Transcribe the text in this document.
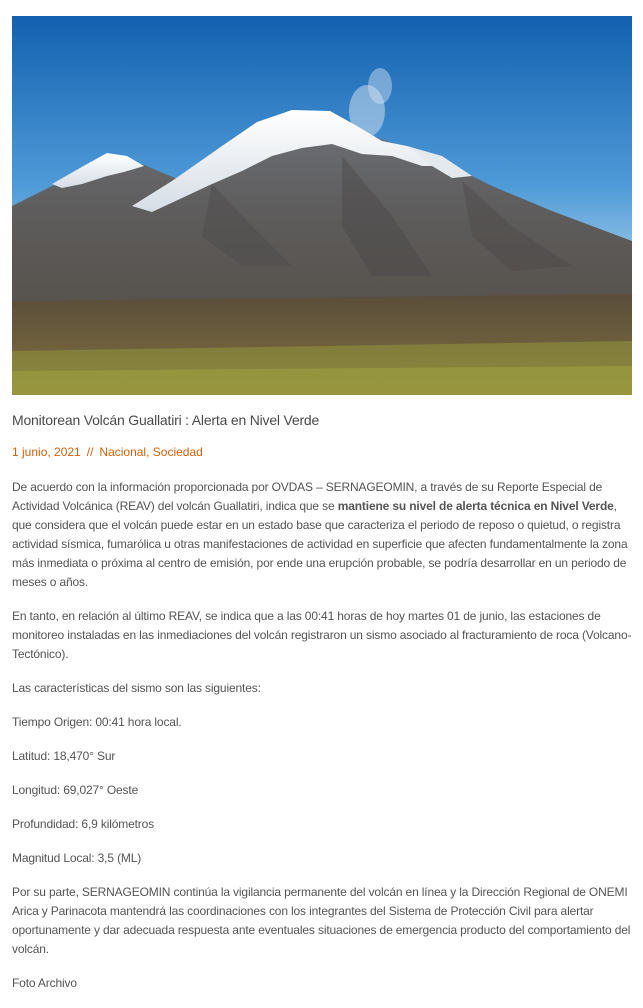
Monitorean Volcán Guallatiri : Alerta en Nivel Verde
1 junio, 2021 // Nacional, Sociedad

De acuerdo con la información proporcionada por OVDAS – SERNAGEOMIN, a través de su Reporte Especial de Actividad Volcánica (REAV) del volcán Guallatiri, indica que se mantiene su nivel de alerta técnica en Nivel Verde, que considera que el volcán puede estar en un estado base que caracteriza el periodo de reposo o quietud, o registra actividad sísmica, fumarólica u otras manifestaciones de actividad en superficie que afecten fundamentalmente la zona más inmediata o próxima al centro de emisión, por ende una erupción probable, se podría desarrollar en un periodo de meses o años.

En tanto, en relación al último REAV, se indica que a las 00:41 horas de hoy martes 01 de junio, las estaciones de monitoreo instaladas en las inmediaciones del volcán registraron un sismo asociado al fracturamiento de roca (Volcano-Tectónico).

Las características del sismo son las siguientes:

Tiempo Origen: 00:41 hora local.

Latitud: 18,470° Sur

Longitud: 69,027° Oeste

Profundidad: 6,9 kilómetros

Magnitud Local: 3,5 (ML)

Por su parte, SERNAGEOMIN continúa la vigilancia permanente del volcán en línea y la Dirección Regional de ONEMI Arica y Parinacota mantendrá las coordinaciones con los integrantes del Sistema de Protección Civil para alertar oportunamente y dar adecuada respuesta ante eventuales situaciones de emergencia producto del comportamiento del volcán.

Foto Archivo
